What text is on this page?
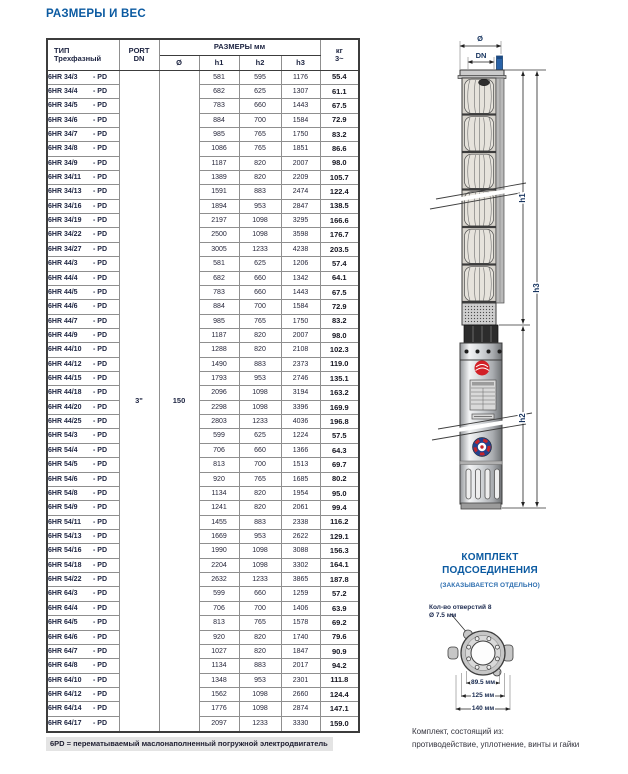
РАЗМЕРЫ И ВЕС
ТИП
Трехфазный

PORT
DN
	РАЗМЕРЫ мм	кг
3~

		Ø	h1	h2	h3	
6HR 34/3 - PD	3"	150	581	595	1176	55.4
6HR 34/4 - PD			682	625	1307	61.1
6HR 34/5 - PD			783	660	1443	67.5
6HR 34/6 - PD			884	700	1584	72.9
6HR 34/7 - PD			985	765	1750	83.2
6HR 34/8 - PD			1086	765	1851	86.6
6HR 34/9 - PD			1187	820	2007	98.0
6HR 34/11 - PD			1389	820	2209	105.7
6HR 34/13 - PD			1591	883	2474	122.4
6HR 34/16 - PD			1894	953	2847	138.5
6HR 34/19 - PD			2197	1098	3295	166.6
6HR 34/22 - PD			2500	1098	3598	176.7
6HR 34/27 - PD			3005	1233	4238	203.5
6HR 44/3 - PD			581	625	1206	57.4
6HR 44/4 - PD			682	660	1342	64.1
6HR 44/5 - PD			783	660	1443	67.5
6HR 44/6 - PD			884	700	1584	72.9
6HR 44/7 - PD			985	765	1750	83.2
6HR 44/9 - PD			1187	820	2007	98.0
6HR 44/10 - PD			1288	820	2108	102.3
6HR 44/12 - PD			1490	883	2373	119.0
6HR 44/15 - PD			1793	953	2746	135.1
6HR 44/18 - PD			2096	1098	3194	163.2
6HR 44/20 - PD			2298	1098	3396	169.9
6HR 44/25 - PD			2803	1233	4036	196.8
6HR 54/3 - PD			599	625	1224	57.5
6HR 54/4 - PD			706	660	1366	64.3
6HR 54/5 - PD			813	700	1513	69.7
6HR 54/6 - PD			920	765	1685	80.2
6HR 54/8 - PD			1134	820	1954	95.0
6HR 54/9 - PD			1241	820	2061	99.4
6HR 54/11 - PD			1455	883	2338	116.2
6HR 54/13 - PD			1669	953	2622	129.1
6HR 54/16 - PD			1990	1098	3088	156.3
6HR 54/18 - PD			2204	1098	3302	164.1
6HR 54/22 - PD			2632	1233	3865	187.8
6HR 64/3 - PD			599	660	1259	57.2
6HR 64/4 - PD			706	700	1406	63.9
6HR 64/5 - PD			813	765	1578	69.2
6HR 64/6 - PD			920	820	1740	79.6
6HR 64/7 - PD			1027	820	1847	90.9
6HR 64/8 - PD			1134	883	2017	94.2
6HR 64/10 - PD			1348	953	2301	111.8
6HR 64/12 - PD			1562	1098	2660	124.4
6HR 64/14 - PD			1776	1098	2874	147.1
6HR 64/17 - PD			2097	1233	3330	159.0
6PD = перематываемый маслонаполненный погружной электродвигатель
Ø
DN
h1
h2
h3
КОМПЛЕКТ
ПОДСОЕДИНЕНИЯ
(ЗАКАЗЫВАЕТСЯ ОТДЕЛЬНО)
Кол-во отверстий 8
Ø 7.5 мм
89.5 мм
125 мм
140 мм
Комплект, состоящий из:
противодействие, уплотнение, винты и гайки
